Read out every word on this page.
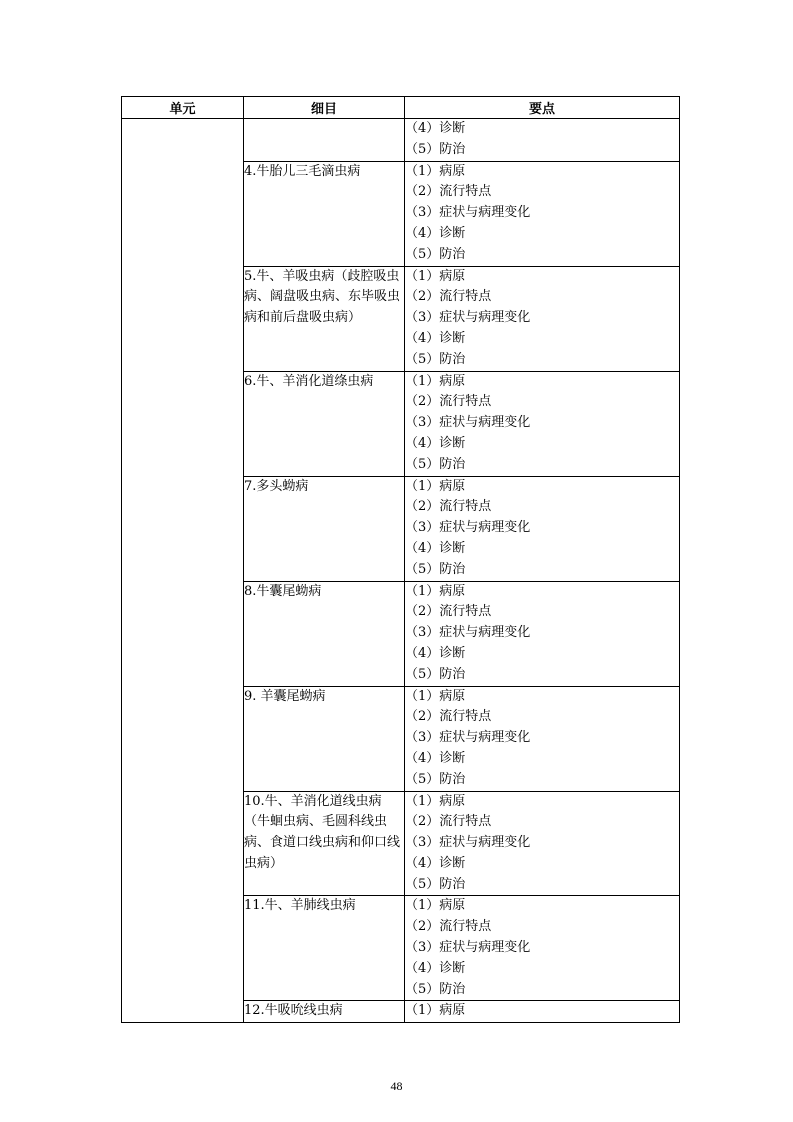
单元	细目	要点

		（4）诊断
（5）防治

	4.牛胎儿三毛滴虫病	（1）病原
（2）流行特点
（3）症状与病理变化
（4）诊断
（5）防治

	5.牛、羊吸虫病（歧腔吸虫病、阔盘吸虫病、东毕吸虫病和前后盘吸虫病）	（1）病原
（2）流行特点
（3）症状与病理变化
（4）诊断
（5）防治

	6.牛、羊消化道绦虫病	（1）病原
（2）流行特点
（3）症状与病理变化
（4）诊断
（5）防治

	7.多头蚴病	（1）病原
（2）流行特点
（3）症状与病理变化
（4）诊断
（5）防治

	8.牛囊尾蚴病	（1）病原
（2）流行特点
（3）症状与病理变化
（4）诊断
（5）防治

	9. 羊囊尾蚴病	（1）病原
（2）流行特点
（3）症状与病理变化
（4）诊断
（5）防治

	10.牛、羊消化道线虫病（牛蛔虫病、毛圆科线虫病、食道口线虫病和仰口线虫病）	（1）病原
（2）流行特点
（3）症状与病理变化
（4）诊断
（5）防治

	11.牛、羊肺线虫病	（1）病原
（2）流行特点
（3）症状与病理变化
（4）诊断
（5）防治

	12.牛吸吮线虫病	（1）病原
48
